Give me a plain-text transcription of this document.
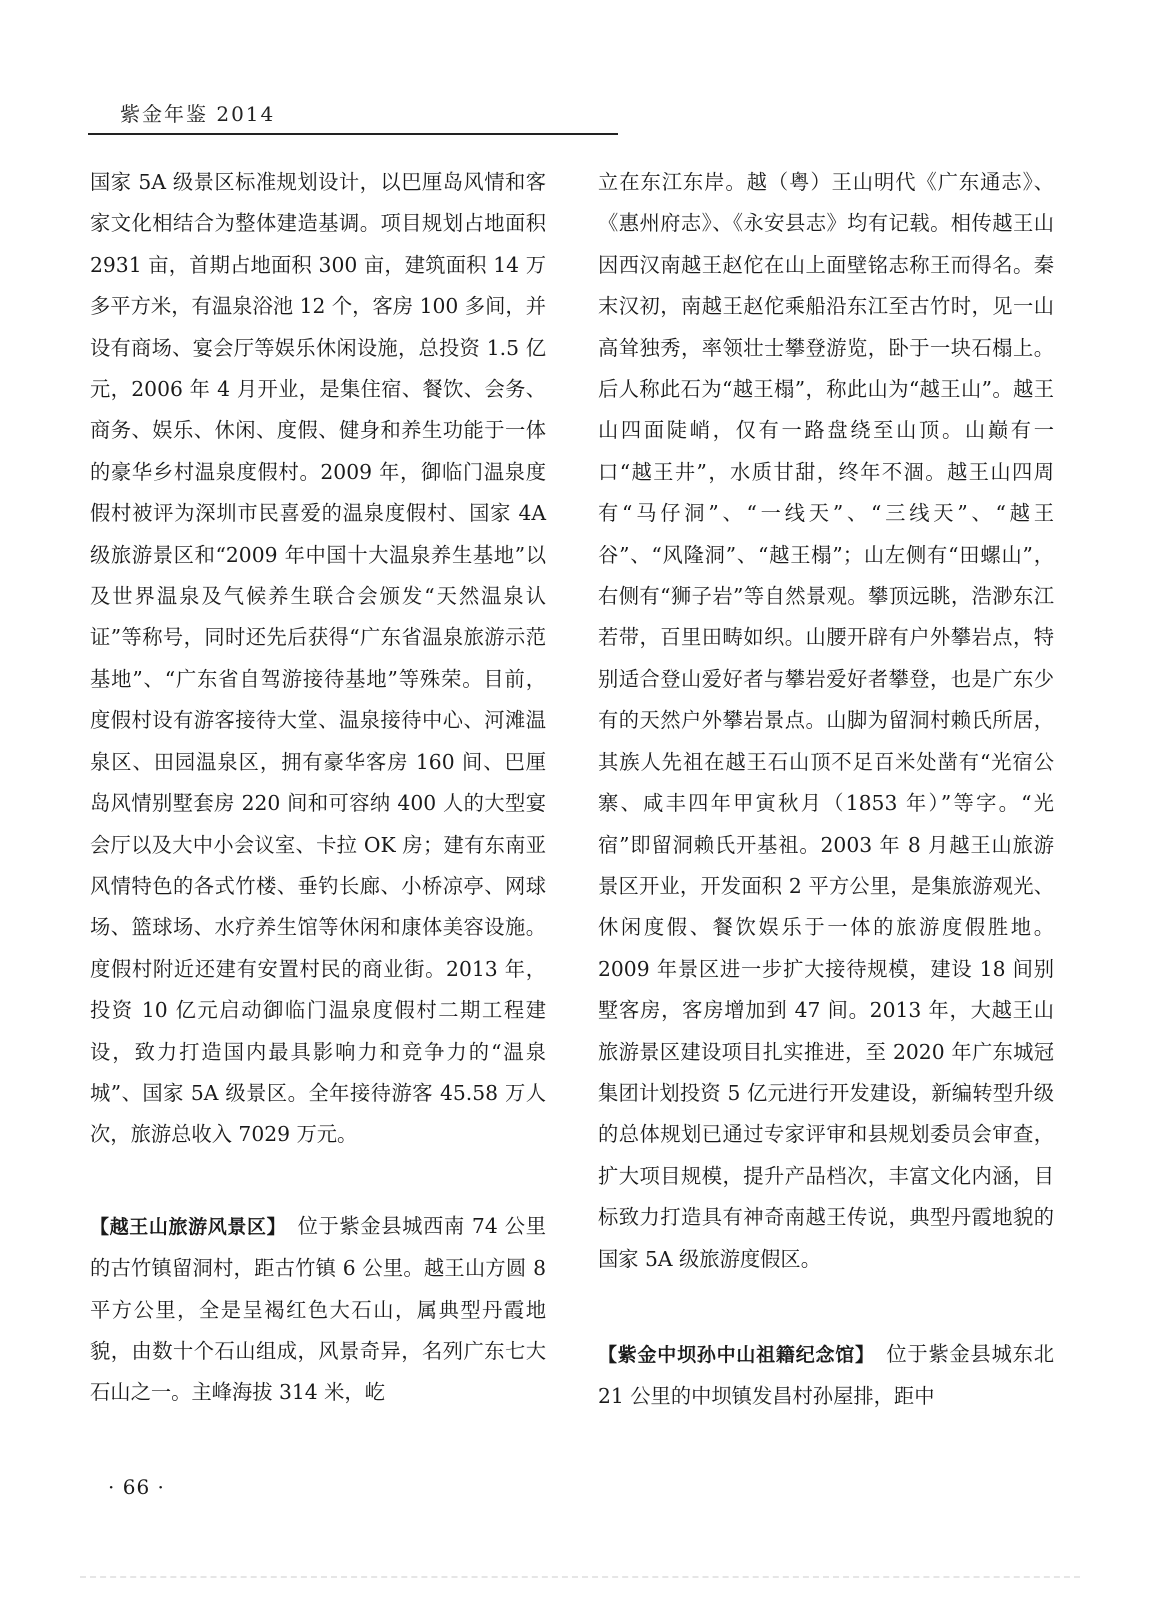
紫金年鉴 2014

国家 5A 级景区标准规划设计，以巴厘岛风情和客家文化相结合为整体建造基调。项目规划占地面积 2931 亩，首期占地面积 300 亩，建筑面积 14 万多平方米，有温泉浴池 12 个，客房 100 多间，并设有商场、宴会厅等娱乐休闲设施，总投资 1.5 亿元，2006 年 4 月开业，是集住宿、餐饮、会务、商务、娱乐、休闲、度假、健身和养生功能于一体的豪华乡村温泉度假村。2009 年，御临门温泉度假村被评为深圳市民喜爱的温泉度假村、国家 4A 级旅游景区和“2009 年中国十大温泉养生基地”以及世界温泉及气候养生联合会颁发“天然温泉认证”等称号，同时还先后获得“广东省温泉旅游示范基地”、“广东省自驾游接待基地”等殊荣。目前，度假村设有游客接待大堂、温泉接待中心、河滩温泉区、田园温泉区，拥有豪华客房 160 间、巴厘岛风情别墅套房 220 间和可容纳 400 人的大型宴会厅以及大中小会议室、卡拉 OK 房；建有东南亚风情特色的各式竹楼、垂钓长廊、小桥凉亭、网球场、篮球场、水疗养生馆等休闲和康体美容设施。度假村附近还建有安置村民的商业街。2013 年，投资 10 亿元启动御临门温泉度假村二期工程建设，致力打造国内最具影响力和竞争力的“温泉城”、国家 5A 级景区。全年接待游客 45.58 万人次，旅游总收入 7029 万元。

【越王山旅游风景区】　 位于紫金县城西南 74 公里的古竹镇留洞村，距古竹镇 6 公里。越王山方圆 8 平方公里，全是呈褐红色大石山，属典型丹霞地貌，由数十个石山组成，风景奇异，名列广东七大石山之一。主峰海拔 314 米，屹

立在东江东岸。越（粤）王山明代《广东通志》、《惠州府志》、《永安县志》均有记载。相传越王山因西汉南越王赵佗在山上面壁铭志称王而得名。秦末汉初，南越王赵佗乘船沿东江至古竹时，见一山高耸独秀，率领壮士攀登游览，卧于一块石榻上。后人称此石为“越王榻”，称此山为“越王山”。越王山四面陡峭，仅有一路盘绕至山顶。山巅有一口“越王井”，水质甘甜，终年不涸。越王山四周有“马仔洞”、“一线天”、“三线天”、“越王谷”、“风隆洞”、“越王榻”；山左侧有“田螺山”，右侧有“狮子岩”等自然景观。攀顶远眺，浩渺东江若带，百里田畴如织。山腰开辟有户外攀岩点，特别适合登山爱好者与攀岩爱好者攀登，也是广东少有的天然户外攀岩景点。山脚为留洞村赖氏所居，其族人先祖在越王石山顶不足百米处凿有“光宿公寨、咸丰四年甲寅秋月（1853 年）”等字。“光宿”即留洞赖氏开基祖。2003 年 8 月越王山旅游景区开业，开发面积 2 平方公里，是集旅游观光、休闲度假、餐饮娱乐于一体的旅游度假胜地。2009 年景区进一步扩大接待规模，建设 18 间别墅客房，客房增加到 47 间。2013 年，大越王山旅游景区建设项目扎实推进，至 2020 年广东城冠集团计划投资 5 亿元进行开发建设，新编转型升级的总体规划已通过专家评审和县规划委员会审查，扩大项目规模，提升产品档次，丰富文化内涵，目标致力打造具有神奇南越王传说，典型丹霞地貌的国家 5A 级旅游度假区。

【紫金中坝孙中山祖籍纪念馆】　 位于紫金县城东北 21 公里的中坝镇发昌村孙屋排，距中

· 66 ·
